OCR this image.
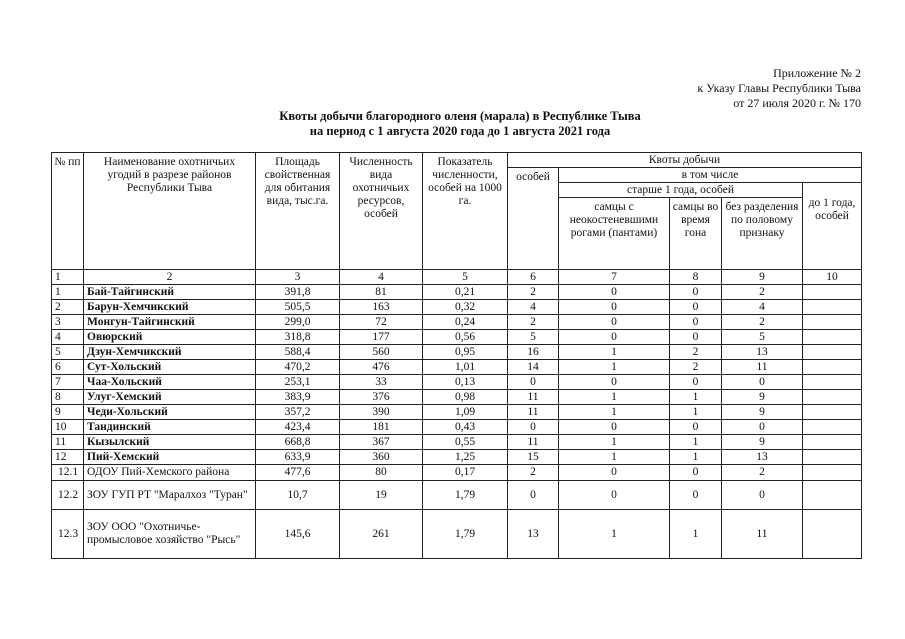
Приложение № 2
к Указу Главы Республики Тыва
от 27 июля 2020 г. № 170
Квоты добычи благородного оленя (марала) в Республике Тыва
на период с 1 августа 2020 года до 1 августа 2021 года
№ пп	Наименование охотничьих угодий в разрезе районов Республики Тыва	Площадь свойственная для обитания вида, тыс.га.	Численность вида охотничьих ресурсов, особей	Показатель численности, особей на 1000 га.	Квоты добычи				
					особей	в том числе			
						старше 1 года, особей			до 1 года, особей
						самцы с неокостеневшими рогами (пантами)	самцы во время гона	без разделения по половому признаку	
1	2	3	4	5	6	7	8	9	10
1	Бай-Тайгинский	391,8	81	0,21	2	0	0	2	
2	Барун-Хемчикский	505,5	163	0,32	4	0	0	4	
3	Монгун-Тайгинский	299,0	72	0,24	2	0	0	2	
4	Овюрский	318,8	177	0,56	5	0	0	5	
5	Дзун-Хемчикский	588,4	560	0,95	16	1	2	13	
6	Сут-Хольский	470,2	476	1,01	14	1	2	11	
7	Чаа-Хольский	253,1	33	0,13	0	0	0	0	
8	Улуг-Хемский	383,9	376	0,98	11	1	1	9	
9	Чеди-Хольский	357,2	390	1,09	11	1	1	9	
10	Тандинский	423,4	181	0,43	0	0	0	0	
11	Кызылский	668,8	367	0,55	11	1	1	9	
12	Пий-Хемский	633,9	360	1,25	15	1	1	13	
12.1	ОДОУ Пий-Хемского района	477,6	80	0,17	2	0	0	2	
12.2	ЗОУ ГУП РТ "Маралхоз "Туран"	10,7	19	1,79	0	0	0	0	
12.3	ЗОУ ООО "Охотничье-промысловое хозяйство "Рысь"	145,6	261	1,79	13	1	1	11	
